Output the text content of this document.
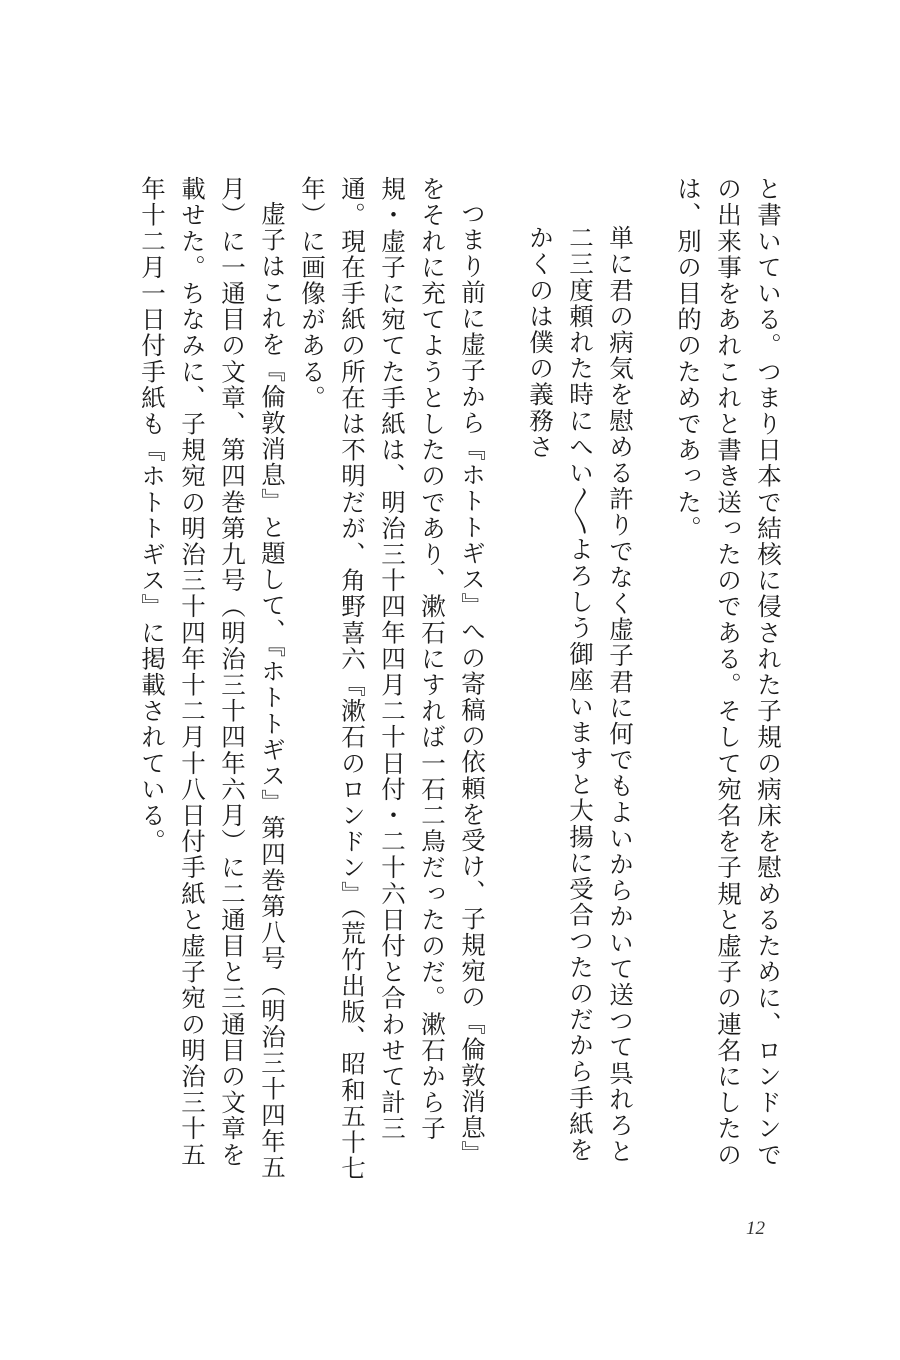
と書いている。つまり日本で結核に侵された子規の病床を慰めるために、ロンドンでの出来事をあれこれと書き送ったのである。そして宛名を子規と虚子の連名にしたのは、別の目的のためであった。

単に君の病気を慰める許りでなく虚子君に何でもよいからかいて送つて呉れろと二三度頼れた時にへい〳〵よろしう御座いますと大揚に受合つたのだから手紙をかくのは僕の義務さ

つまり前に虚子から『ホトトギス』への寄稿の依頼を受け、子規宛の『倫敦消息』をそれに充てようとしたのであり、漱石にすれば一石二鳥だったのだ。漱石から子規・虚子に宛てた手紙は、明治三十四年四月二十日付・二十六日付と合わせて計三通。現在手紙の所在は不明だが、角野喜六『漱石のロンドン』（荒竹出版、昭和五十七年）に画像がある。

虚子はこれを『倫敦消息』と題して、『ホトトギス』第四巻第八号（明治三十四年五月）に一通目の文章、第四巻第九号（明治三十四年六月）に二通目と三通目の文章を載せた。ちなみに、子規宛の明治三十四年十二月十八日付手紙と虚子宛の明治三十五年十二月一日付手紙も『ホトトギス』に掲載されている。

12
